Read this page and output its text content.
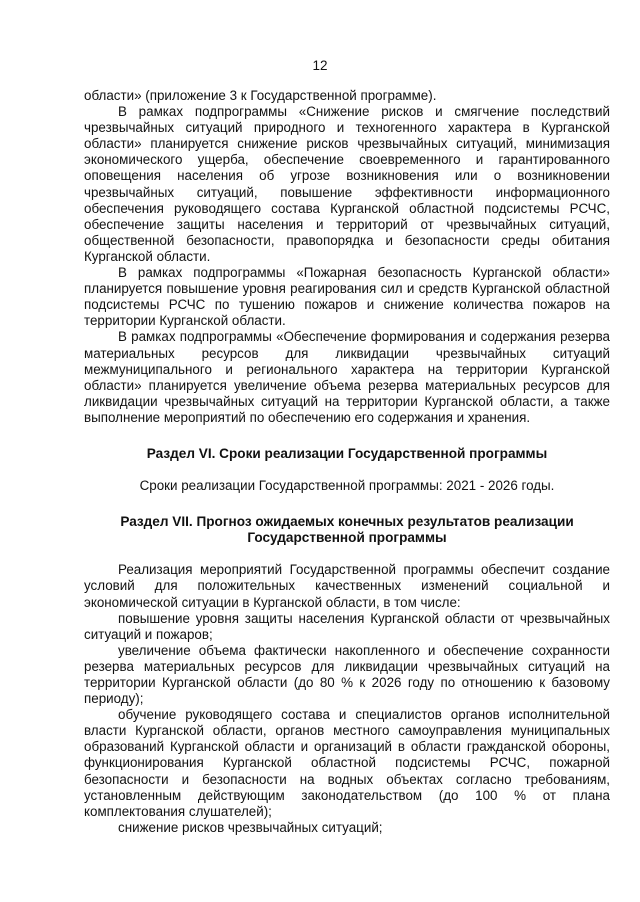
12

области» (приложение 3 к Государственной программе).

В рамках подпрограммы «Снижение рисков и смягчение последствий чрезвычайных ситуаций природного и техногенного характера в Курганской области» планируется снижение рисков чрезвычайных ситуаций, минимизация экономического ущерба, обеспечение своевременного и гарантированного оповещения населения об угрозе возникновения или о возникновении чрезвычайных ситуаций, повышение эффективности информационного обеспечения руководящего состава Курганской областной подсистемы РСЧС, обеспечение защиты населения и территорий от чрезвычайных ситуаций, общественной безопасности, правопорядка и безопасности среды обитания Курганской области.

В рамках подпрограммы «Пожарная безопасность Курганской области» планируется повышение уровня реагирования сил и средств Курганской областной подсистемы РСЧС по тушению пожаров и снижение количества пожаров на территории Курганской области.

В рамках подпрограммы «Обеспечение формирования и содержания резерва материальных ресурсов для ликвидации чрезвычайных ситуаций межмуниципального и регионального характера на территории Курганской области» планируется увеличение объема резерва материальных ресурсов для ликвидации чрезвычайных ситуаций на территории Курганской области, а также выполнение мероприятий по обеспечению его содержания и хранения.

Раздел VI. Сроки реализации Государственной программы

Сроки реализации Государственной программы: 2021 - 2026 годы.

Раздел VII. Прогноз ожидаемых конечных результатов реализации

Государственной программы

Реализация мероприятий Государственной программы обеспечит создание условий для положительных качественных изменений социальной и экономической ситуации в Курганской области, в том числе:

повышение уровня защиты населения Курганской области от чрезвычайных ситуаций и пожаров;

увеличение объема фактически накопленного и обеспечение сохранности резерва материальных ресурсов для ликвидации чрезвычайных ситуаций на территории Курганской области (до 80 % к 2026 году по отношению к базовому периоду);

обучение руководящего состава и специалистов органов исполнительной власти Курганской области, органов местного самоуправления муниципальных образований Курганской области и организаций в области гражданской обороны, функционирования Курганской областной подсистемы РСЧС, пожарной безопасности и безопасности на водных объектах согласно требованиям, установленным действующим законодательством (до 100 % от плана комплектования слушателей);

снижение рисков чрезвычайных ситуаций;
